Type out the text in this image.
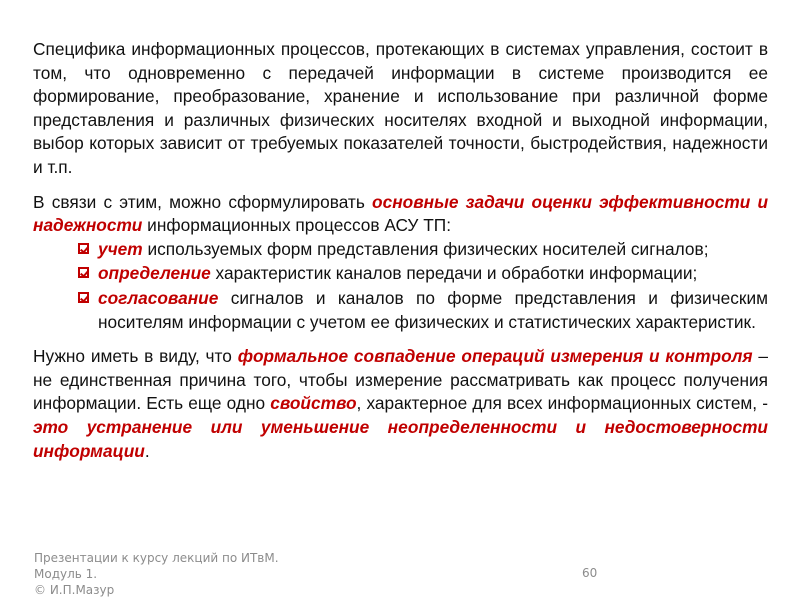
Специфика информационных процессов, протекающих в системах управления, состоит в том, что одновременно с передачей информации в системе производится ее формирование, преобразование, хранение и использование при различной форме представления и различных физических носителях входной и выходной информации, выбор которых зависит от требуемых показателей точности, быстродействия, надежности и т.п.

В связи с этим, можно сформулировать основные задачи оценки эффективности и надежности информационных процессов АСУ ТП:

учет используемых форм представления физических носителей сигналов;
определение характеристик каналов передачи и обработки информации;
согласование сигналов и каналов по форме представления и физическим носителям информации с учетом ее физических и статистических характеристик.

Нужно иметь в виду, что формальное совпадение операций измерения и контроля – не единственная причина того, чтобы измерение рассматривать как процесс получения информации. Есть еще одно свойство, характерное для всех информационных систем, - это устранение или уменьшение неопределенности и недостоверности информации.

Презентации к курсу лекций по ИТвМ.
Модуль 1.
© И.П.Мазур
60
